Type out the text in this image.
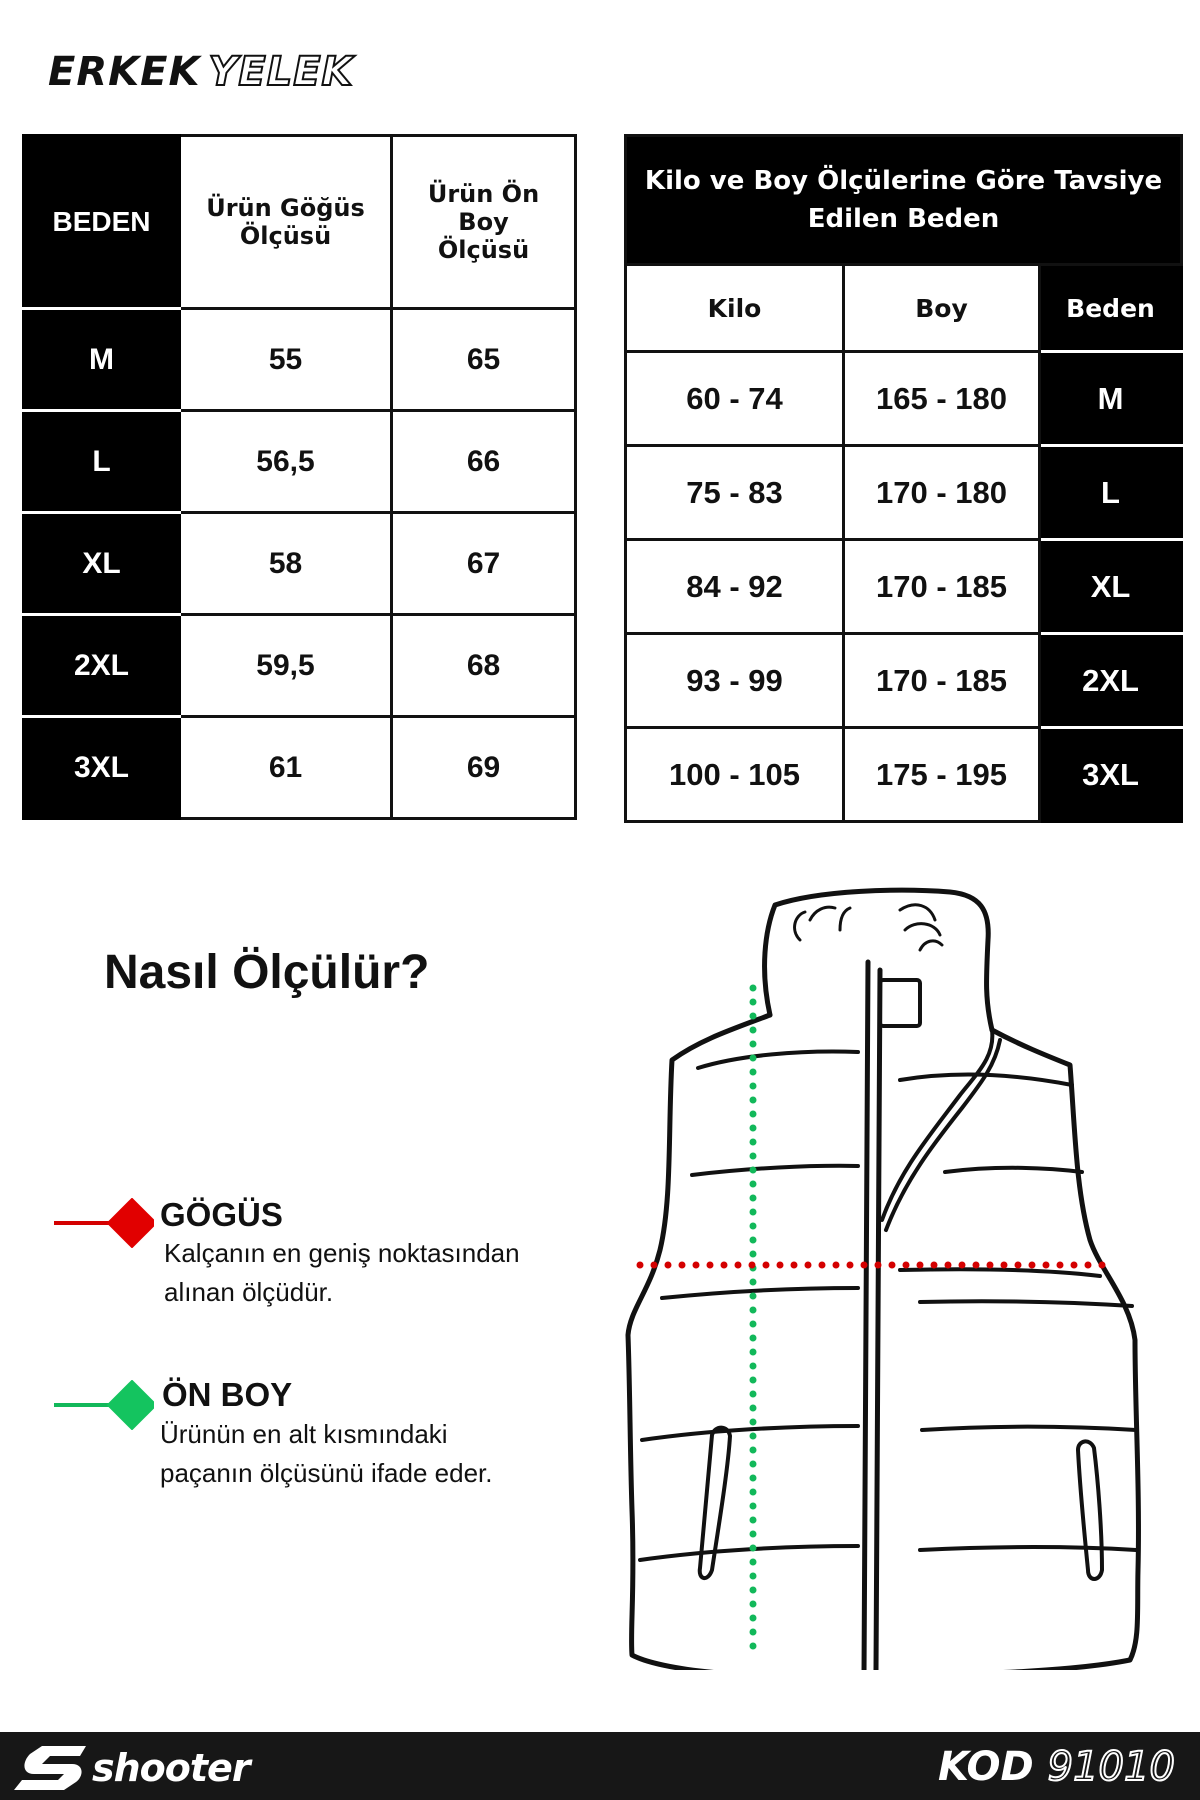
ERKEK YELEK
BEDEN	Ürün Göğüs Ölçüsü	Ürün Ön Boy Ölçüsü
M	55	65
L	56,5	66
XL	58	67
2XL	59,5	68
3XL	61	69
Kilo ve Boy Ölçülerine Göre Tavsiye Edilen Beden		
Kilo	Boy	Beden
60 - 74	165 - 180	M
75 - 83	170 - 180	L
84 - 92	170 - 185	XL
93 - 99	170 - 185	2XL
100 - 105	175 - 195	3XL
Nasıl Ölçülür?
GÖGÜS
Kalçanın en geniş noktasından
alınan ölçüdür.
ÖN BOY
Ürünün en alt kısmındaki
paçanın ölçüsünü ifade eder.
shooter	KOD 91010
